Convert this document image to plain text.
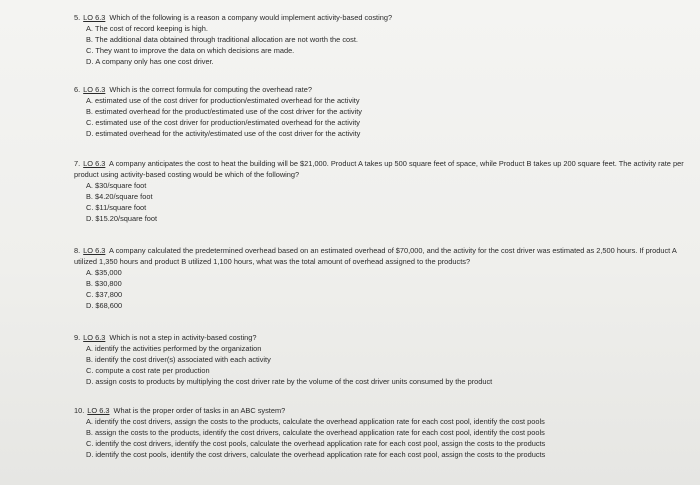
5. LO 6.3 Which of the following is a reason a company would implement activity-based costing?
A. The cost of record keeping is high.
B. The additional data obtained through traditional allocation are not worth the cost.
C. They want to improve the data on which decisions are made.
D. A company only has one cost driver.
6. LO 6.3 Which is the correct formula for computing the overhead rate?
A. estimated use of the cost driver for production/estimated overhead for the activity
B. estimated overhead for the product/estimated use of the cost driver for the activity
C. estimated use of the cost driver for production/estimated overhead for the activity
D. estimated overhead for the activity/estimated use of the cost driver for the activity
7. LO 6.3 A company anticipates the cost to heat the building will be $21,000. Product A takes up 500 square feet of space, while Product B takes up 200 square feet. The activity rate per product using activity-based costing would be which of the following?
A. $30/square foot
B. $4.20/square foot
C. $11/square foot
D. $15.20/square foot
8. LO 6.3 A company calculated the predetermined overhead based on an estimated overhead of $70,000, and the activity for the cost driver was estimated as 2,500 hours. If product A utilized 1,350 hours and product B utilized 1,100 hours, what was the total amount of overhead assigned to the products?
A. $35,000
B. $30,800
C. $37,800
D. $68,600
9. LO 6.3 Which is not a step in activity-based costing?
A. identify the activities performed by the organization
B. identify the cost driver(s) associated with each activity
C. compute a cost rate per production
D. assign costs to products by multiplying the cost driver rate by the volume of the cost driver units consumed by the product
10. LO 6.3 What is the proper order of tasks in an ABC system?
A. identify the cost drivers, assign the costs to the products, calculate the overhead application rate for each cost pool, identify the cost pools
B. assign the costs to the products, identify the cost drivers, calculate the overhead application rate for each cost pool, identify the cost pools
C. identify the cost drivers, identify the cost pools, calculate the overhead application rate for each cost pool, assign the costs to the products
D. identify the cost pools, identify the cost drivers, calculate the overhead application rate for each cost pool, assign the costs to the products
